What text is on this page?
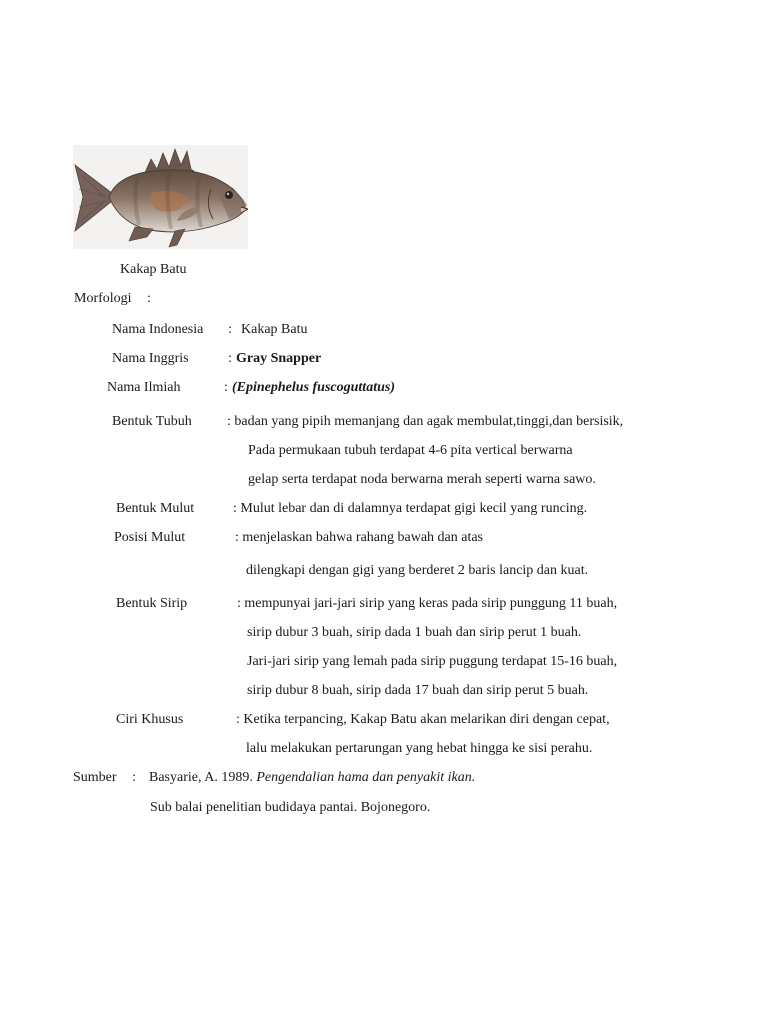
Kakap Batu
Morfologi :
Nama Indonesia : Kakap Batu
Nama Inggris	: Gray Snapper
Nama Ilmiah	: (Epinephelus fuscoguttatus)
Bentuk Tubuh	: badan yang pipih memanjang dan agak membulat,tinggi,dan bersisik,
Pada permukaan tubuh terdapat 4-6 pita vertical berwarna
gelap serta terdapat noda berwarna merah seperti warna sawo.
Bentuk Mulut	: Mulut lebar dan di dalamnya terdapat gigi kecil yang runcing.
Posisi Mulut	: menjelaskan bahwa rahang bawah dan atas
dilengkapi dengan gigi yang berderet 2 baris lancip dan kuat.
Bentuk Sirip	: mempunyai jari-jari sirip yang keras pada sirip punggung 11 buah,
sirip dubur 3 buah, sirip dada 1 buah dan sirip perut 1 buah.
Jari-jari sirip yang lemah pada sirip puggung terdapat 15-16 buah,
sirip dubur 8 buah, sirip dada 17 buah dan sirip perut 5 buah.
Ciri Khusus	: Ketika terpancing, Kakap Batu akan melarikan diri dengan cepat,
lalu melakukan pertarungan yang hebat hingga ke sisi perahu.
Sumber : Basyarie, A. 1989. Pengendalian hama dan penyakit ikan.
Sub balai penelitian budidaya pantai. Bojonegoro.
